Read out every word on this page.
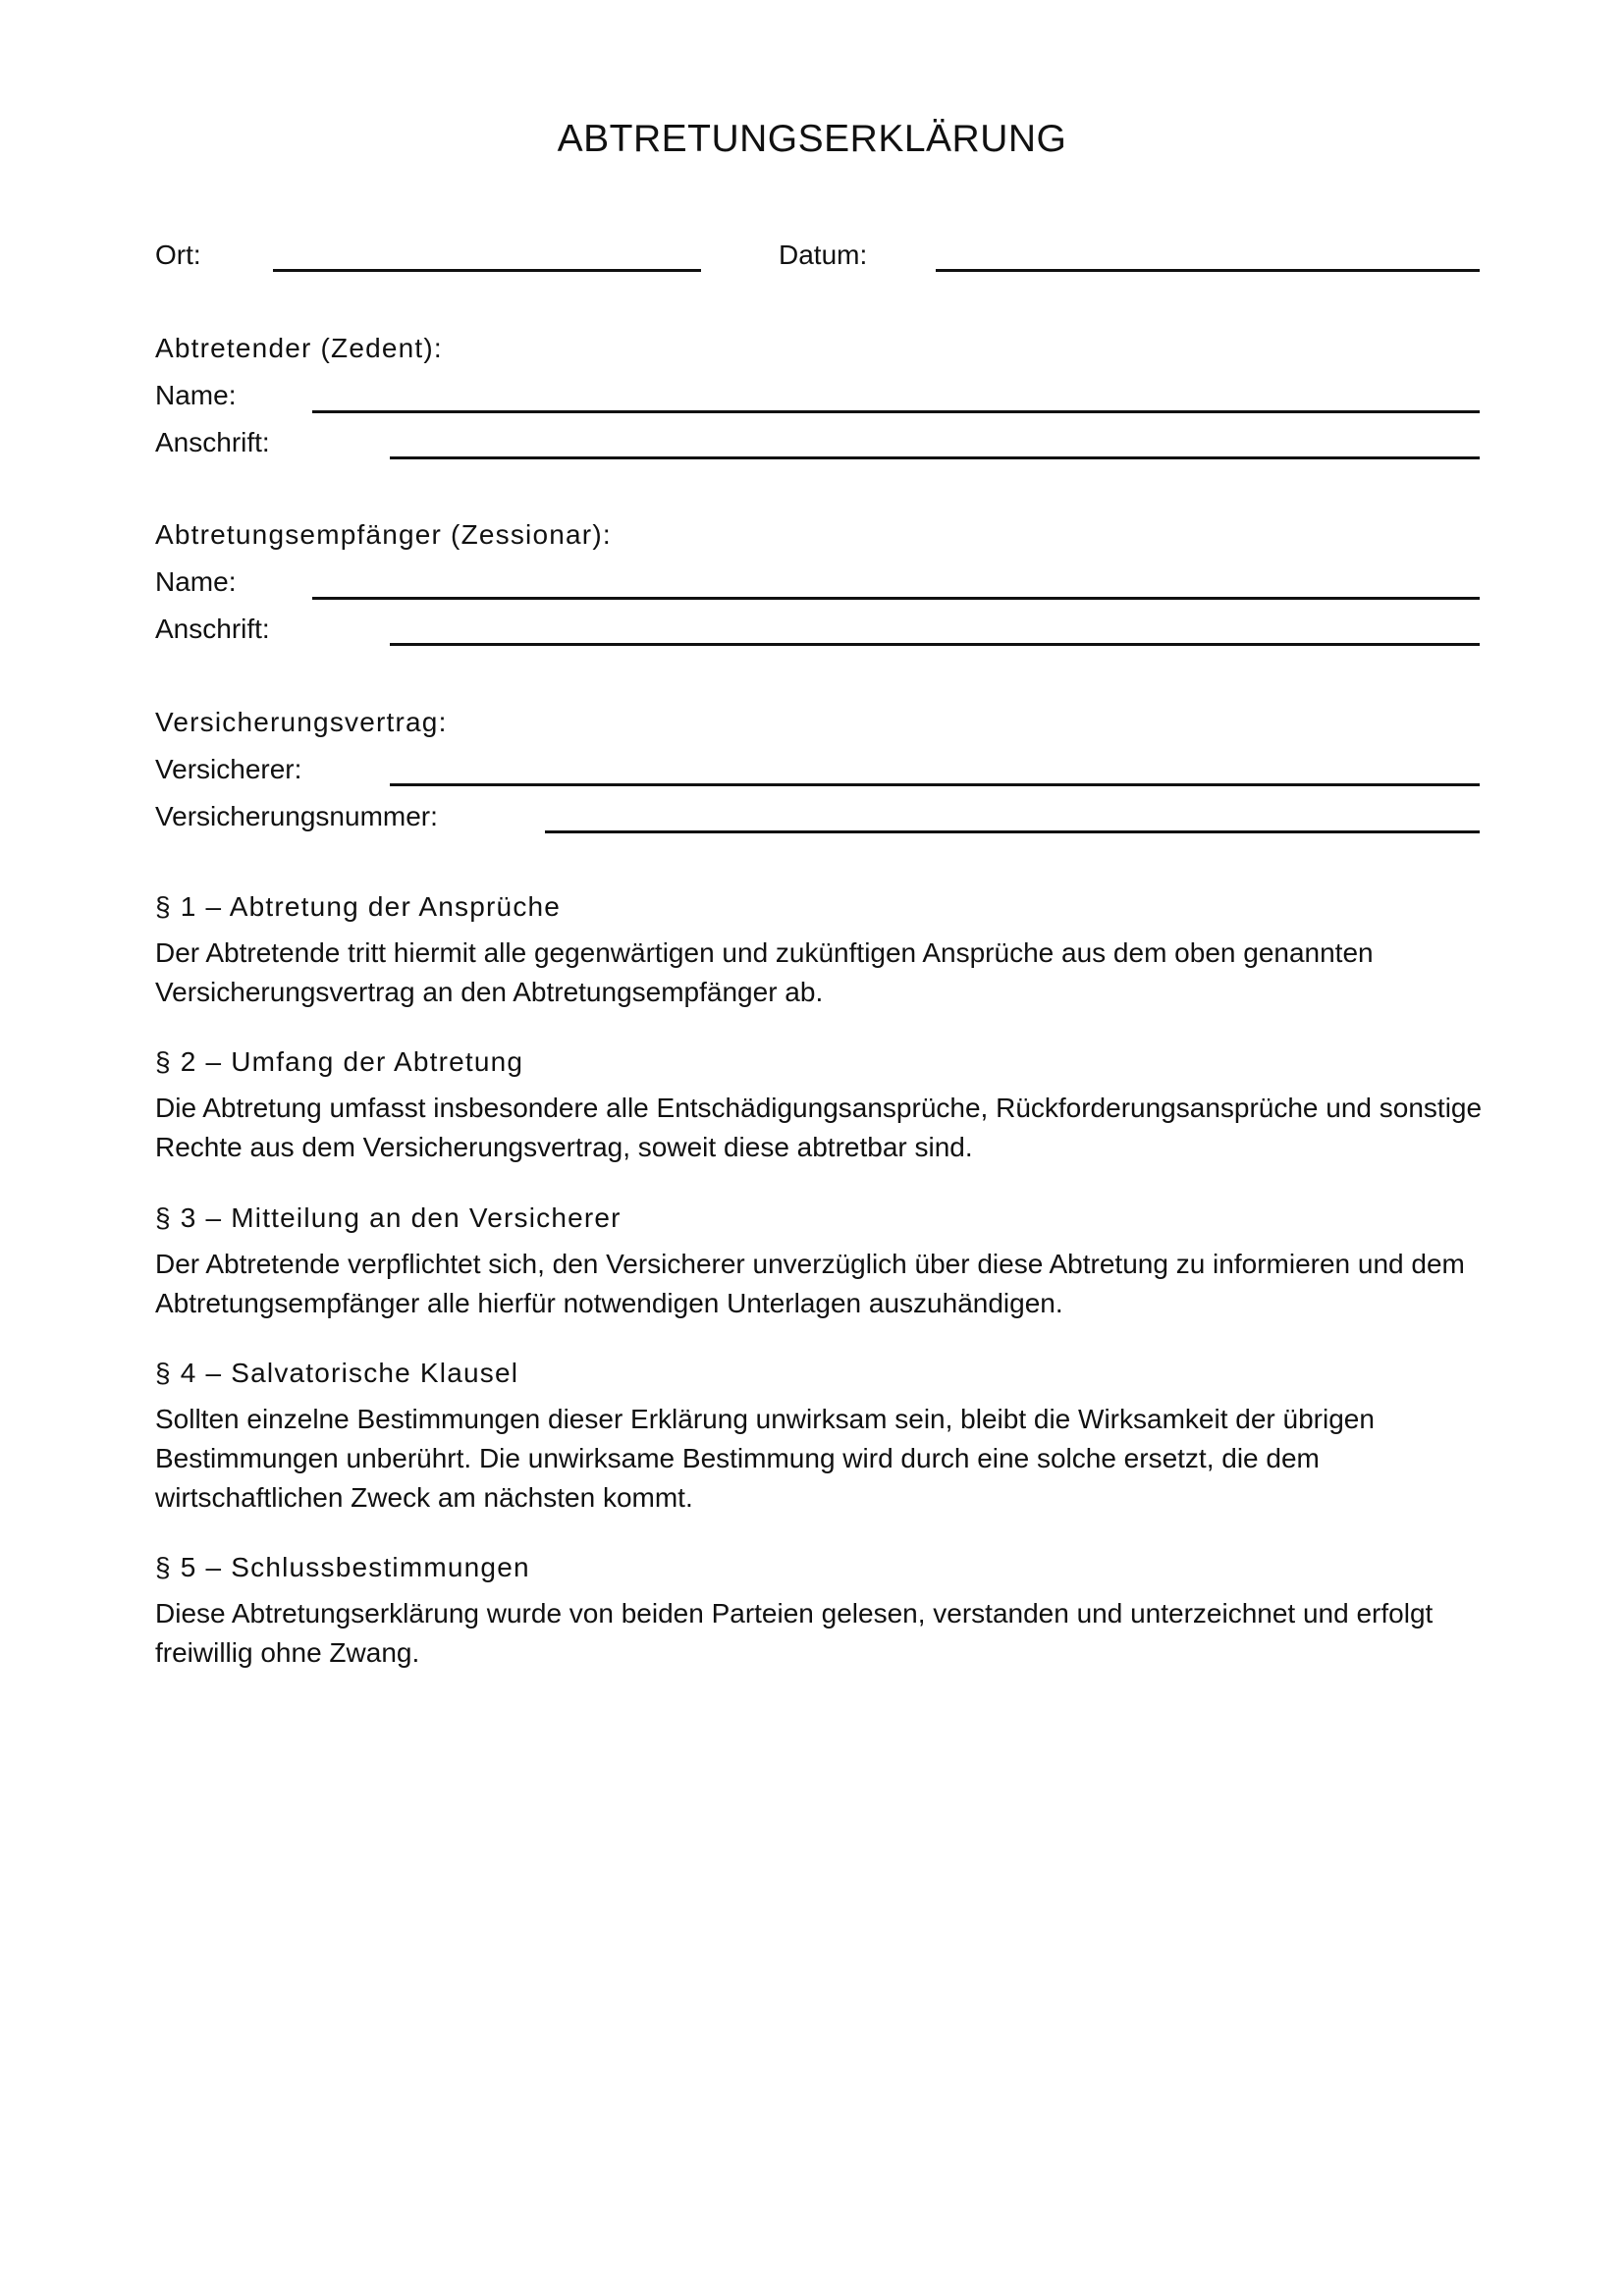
ABTRETUNGSERKLÄRUNG
Ort:	Datum:
Abtretender (Zedent):
Name:
Anschrift:
Abtretungsempfänger (Zessionar):
Name:
Anschrift:
Versicherungsvertrag:
Versicherer:
Versicherungsnummer:
§ 1 – Abtretung der Ansprüche
Der Abtretende tritt hiermit alle gegenwärtigen und zukünftigen Ansprüche aus dem oben genannten Versicherungsvertrag an den Abtretungsempfänger ab.
§ 2 – Umfang der Abtretung
Die Abtretung umfasst insbesondere alle Entschädigungsansprüche, Rückforderungsansprüche und sonstige Rechte aus dem Versicherungsvertrag, soweit diese abtretbar sind.
§ 3 – Mitteilung an den Versicherer
Der Abtretende verpflichtet sich, den Versicherer unverzüglich über diese Abtretung zu informieren und dem Abtretungsempfänger alle hierfür notwendigen Unterlagen auszuhändigen.
§ 4 – Salvatorische Klausel
Sollten einzelne Bestimmungen dieser Erklärung unwirksam sein, bleibt die Wirksamkeit der übrigen Bestimmungen unberührt. Die unwirksame Bestimmung wird durch eine solche ersetzt, die dem wirtschaftlichen Zweck am nächsten kommt.
§ 5 – Schlussbestimmungen
Diese Abtretungserklärung wurde von beiden Parteien gelesen, verstanden und unterzeichnet und erfolgt freiwillig ohne Zwang.
